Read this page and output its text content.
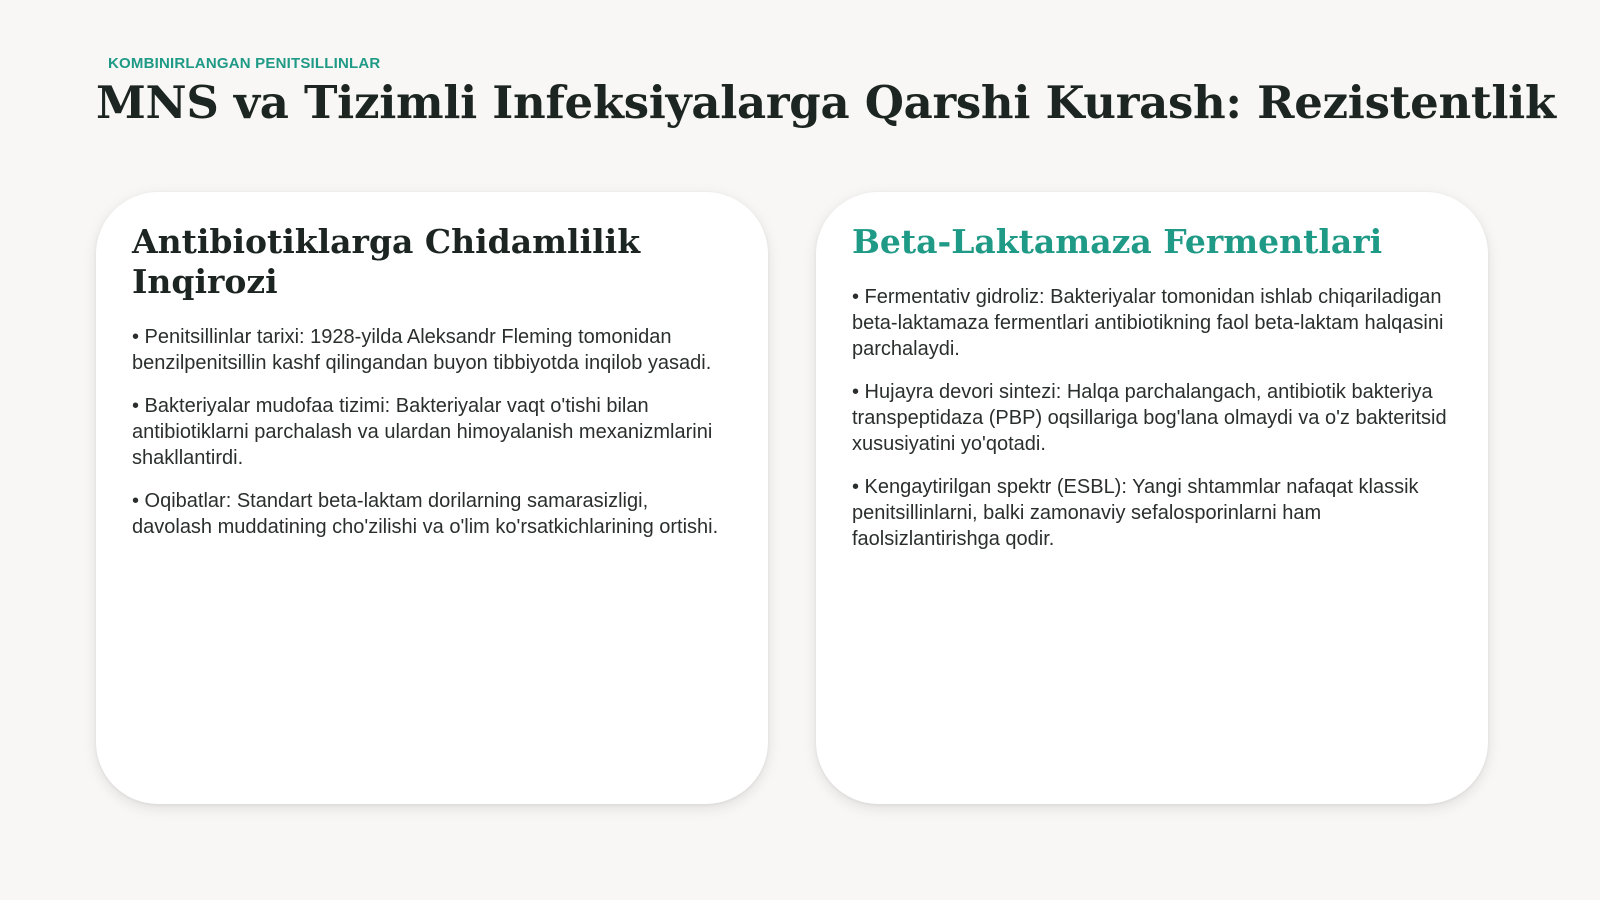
KOMBINIRLANGAN PENITSILLINLAR
MNS va Tizimli Infeksiyalarga Qarshi Kurash: Rezistentlik
Antibiotiklarga Chidamlilik Inqirozi
• Penitsillinlar tarixi: 1928-yilda Aleksandr Fleming tomonidan benzilpenitsillin kashf qilingandan buyon tibbiyotda inqilob yasadi.
• Bakteriyalar mudofaa tizimi: Bakteriyalar vaqt o'tishi bilan antibiotiklarni parchalash va ulardan himoyalanish mexanizmlarini shakllantirdi.
• Oqibatlar: Standart beta-laktam dorilarning samarasizligi, davolash muddatining cho'zilishi va o'lim ko'rsatkichlarining ortishi.
Beta-Laktamaza Fermentlari
• Fermentativ gidroliz: Bakteriyalar tomonidan ishlab chiqariladigan beta-laktamaza fermentlari antibiotikning faol beta-laktam halqasini parchalaydi.
• Hujayra devori sintezi: Halqa parchalangach, antibiotik bakteriya transpeptidaza (PBP) oqsillariga bog'lana olmaydi va o'z bakteritsid xususiyatini yo'qotadi.
• Kengaytirilgan spektr (ESBL): Yangi shtammlar nafaqat klassik penitsillinlarni, balki zamonaviy sefalosporinlarni ham faolsizlantirishga qodir.
